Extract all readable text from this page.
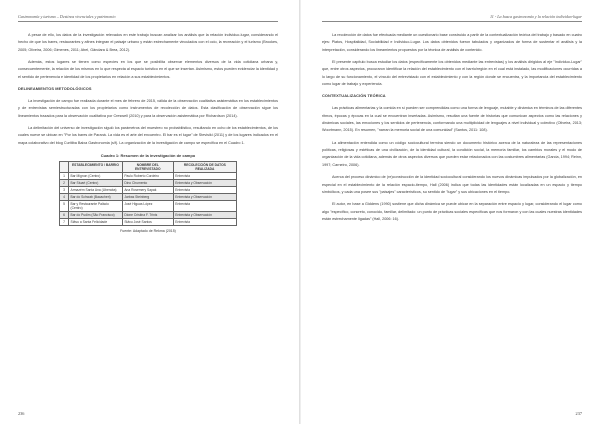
Gastronomía y turismo – Destinos vivenciales y patrimonio

A pesar de ello, los datos de la investigación relevados en este trabajo buscan analizar los análisis que la relación individuo-lugar, considerando el hecho de que los bares, restaurantes y afines integran el paisaje urbano y están estrechamente vinculados con el ocio, la recreación y el turismo (Brookes, 2005; Oliveira, 2006; Gimenes, 2011; Abel, Gândara & Brea, 2012).

Además, estos lugares se tienen como especies en los que se posibilita observar elementos diversos de la vida cotidiana urbana y, consecuentemente, la relación de los mismos en lo que respecta al espacio turístico en el que se insertan. Asimismo, estos pueden evidenciar la identidad y el sentido de pertenencia e identidad de los propietarios en relación a sus establecimientos.

DELINEAMIENTOS METODOLÓGICOS

La investigación de campo fue realizada durante el mes de febrero de 2015, válida de la observación cualitativa asistemática en los establecimientos y de entrevistas semiestructuradas con los propietarios como instrumentos de recolección de datos. Esta clasificación de observación sigue los lineamientos trazados para la observación cualitativa por Creswell (2010) y para la observación asistemática por Richardson (2014).

La delimitación del universo de investigación siguió los parámetros del muestreo no probabilístico, resultando en ocho de los establecimientos, de los cuales nueve se ubican en "Por los bares de Paraná. La vida es el arte del encuentro. El bar es el lugar" de Stevisiki (2011) y de los lugares indicados en el mapa colaborativo del blog Curitiba Baixa Gastronomia (s/f). La organización de la investigación de campo se especifica en el Cuadro 1.

Cuadro 1: Resumen de la investigación de campo
	ESTABLECIMIENTO / BARRIO	NOMBRE DEL ENTREVISTADO	RECOLECCIÓN DE DATOS REALIZADA
1	Bar Mignon (Centro)	Paulo Roberto Cordeiro	Entrevista
2	Bar Stuart (Centro)	Dino Chumento	Entrevista y Observación
3	Armazém Santa Ana (Uberaba)	Ana Rosemery Sapak	Entrevista
4	Bar do Schwab (Bacacheri)	Jarbas Steinberg	Entrevista y Observación
5	Bar y Restaurante Palácio (Centro)	José Higuas López	Entrevista
6	Bar do Pudim (São Francisco)	Dione Cristina F. Trinis	Entrevista y Observación
7	Stâvu a Santa Felicidade	Stâvu José Santos	Entrevista
Fuente: Adaptado de Rekma (2015)
236
11 - La busca gastronomía y la relación individuo-lugar

La recolección de datos fue efectuada mediante un cuestionario base construido a partir de la contextualización teórica del trabajo y basado en cuatro ejes: Platos, Hospitalidad, Sociabilidad e Individuo-Lugar. Los datos obtenidos fueron tabulados y organizados de forma de sustentar el análisis y la interpretación, considerando los lineamientos propuestos por la técnica de análisis de contenido.

El presente capítulo busca estudiar los datos (específicamente los obtenidos mediante las entrevistas) y los análisis dirigidos al eje "Individuo-Lugar" que, entre otros aspectos, procuraron identificar la relación del establecimiento con el barrio/región en el cual está instalado, las modificaciones ocurridas a lo largo de su funcionamiento, el vínculo del entrevistado con el establecimiento y con la región donde se encuentra, y la importancia del establecimiento como lugar de trabajo y experiencia.

CONTEXTUALIZACIÓN TEÓRICA

Las prácticas alimentarias y la comida en sí pueden ser comprendidas como una forma de lenguaje, mutable y dinámica en términos de las diferentes ritmos, épocas y épocas en la cual se encuentran insertadas. Asimismo, resultan una fuente de historias que comunican aspectos como las relaciones y dinámicas sociales, las emociones y los sentidos de pertenencia, conformando una multiplicidad de lenguajes a nivel individual y colectivo (Oliveira, 2013; Woortmann, 2015). En resumen, "narran la memoria social de una comunidad" (Santos, 2011: 108).

La alimentación entendida como un código sociocultural termina siendo un documento histórico acerca de la naturaleza de las representaciones políticas, religiosas y estéticas de una civilización, de la identidad cultural, la condición social, la memoria familiar, los cambios morales y el modo de organización de la vida cotidiana, además de otros aspectos diversos que pueden estar relacionados con las costumbres alimentarias (Garcia, 1994; Reinn, 1997; Carneiro, 2006).

Acerca del proceso dinámico de (re)construcción de la identidad sociocultural considerando los nuevos dinámicas impulsados por la globalización, en especial en el establecimiento de la relación espacio-tiempo, Hall (2006) indica que todas las identidades están localizadas en un espacio y tiempo simbólicos, y cada una posee sus "paisajes" característicos, su sentido de "lugar" y sus ubicaciones en el tiempo.

El autor, en base a Giddens (1990) sostiene que dicha dinámica se puede ubicar en la separación entre espacio y lugar, considerando el lugar como algo "específico, concreto, conocido, familiar, delimitado: un punto de prácticas sociales específicas que nos formaron y con las cuales nuestras identidades están estrechamente ligadas" (Hall, 2006: 16).

237
